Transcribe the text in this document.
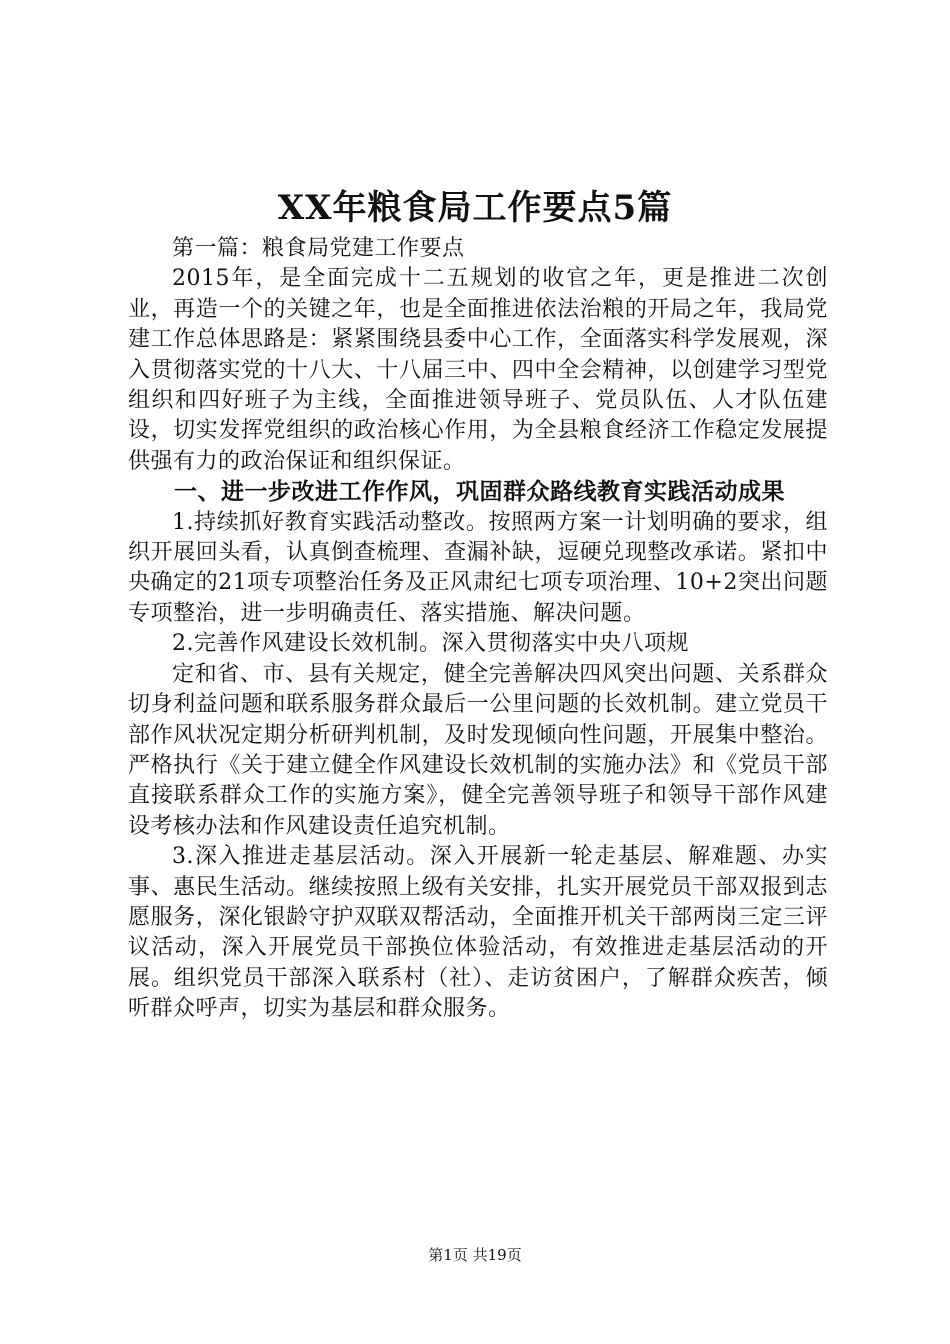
XX年粮食局工作要点5篇

第一篇：粮食局党建工作要点

2015年，是全面完成十二五规划的收官之年，更是推进二次创业，再造一个的关键之年，也是全面推进依法治粮的开局之年，我局党建工作总体思路是：紧紧围绕县委中心工作，全面落实科学发展观，深入贯彻落实党的十八大、十八届三中、四中全会精神，以创建学习型党组织和四好班子为主线，全面推进领导班子、党员队伍、人才队伍建设，切实发挥党组织的政治核心作用，为全县粮食经济工作稳定发展提供强有力的政治保证和组织保证。

一、进一步改进工作作风，巩固群众路线教育实践活动成果

1.持续抓好教育实践活动整改。按照两方案一计划明确的要求，组织开展回头看，认真倒查梳理、查漏补缺，逗硬兑现整改承诺。紧扣中央确定的21项专项整治任务及正风肃纪七项专项治理、10+2突出问题专项整治，进一步明确责任、落实措施、解决问题。

2.完善作风建设长效机制。深入贯彻落实中央八项规

定和省、市、县有关规定，健全完善解决四风突出问题、关系群众切身利益问题和联系服务群众最后一公里问题的长效机制。建立党员干部作风状况定期分析研判机制，及时发现倾向性问题，开展集中整治。严格执行《关于建立健全作风建设长效机制的实施办法》和《党员干部直接联系群众工作的实施方案》，健全完善领导班子和领导干部作风建设考核办法和作风建设责任追究机制。

3.深入推进走基层活动。深入开展新一轮走基层、解难题、办实事、惠民生活动。继续按照上级有关安排，扎实开展党员干部双报到志愿服务，深化银龄守护双联双帮活动，全面推开机关干部两岗三定三评议活动，深入开展党员干部换位体验活动，有效推进走基层活动的开展。组织党员干部深入联系村（社）、走访贫困户，了解群众疾苦，倾听群众呼声，切实为基层和群众服务。

第1页 共19页
